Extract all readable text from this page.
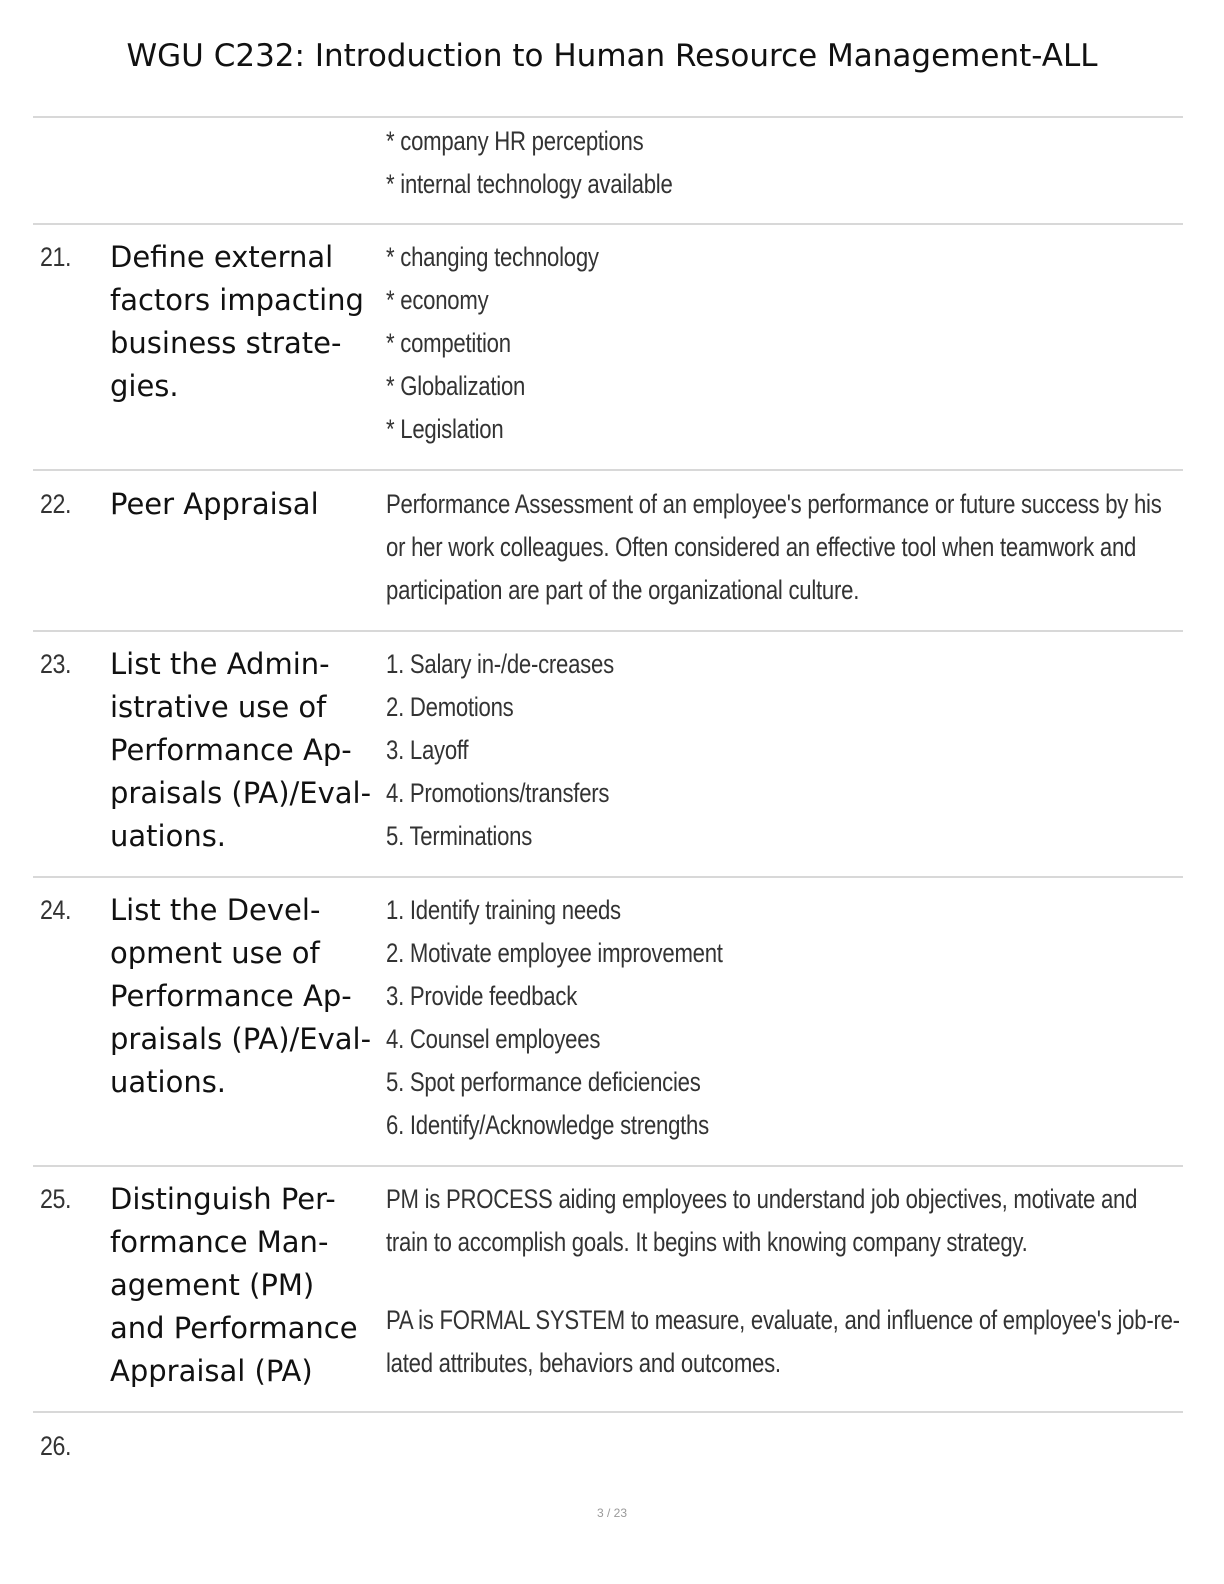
WGU C232: Introduction to Human Resource Management-ALL
* company HR perceptions
* internal technology available
21. Define external
factors impacting
business strate-
gies.
* changing technology
* economy
* competition
* Globalization
* Legislation
22. Peer Appraisal	Performance Assessment of an employee's performance or future success by his
or her work colleagues. Often considered an effective tool when teamwork and
participation are part of the organizational culture.
23. List the Admin-
istrative use of
Performance Ap-
praisals (PA)/Eval-
uations.
1. Salary in-/de-creases
2. Demotions
3. Layoff
4. Promotions/transfers
5. Terminations
24. List the Devel-
opment use of
Performance Ap-
praisals (PA)/Eval-
uations.
1. Identify training needs
2. Motivate employee improvement
3. Provide feedback
4. Counsel employees
5. Spot performance deficiencies
6. Identify/Acknowledge strengths
25. Distinguish Per-
formance Man-
agement (PM)
and Performance
Appraisal (PA)
PM is PROCESS aiding employees to understand job objectives, motivate and
train to accomplish goals. It begins with knowing company strategy.
PA is FORMAL SYSTEM to measure, evaluate, and influence of employee's job-re-
lated attributes, behaviors and outcomes.
26.
3 / 23
